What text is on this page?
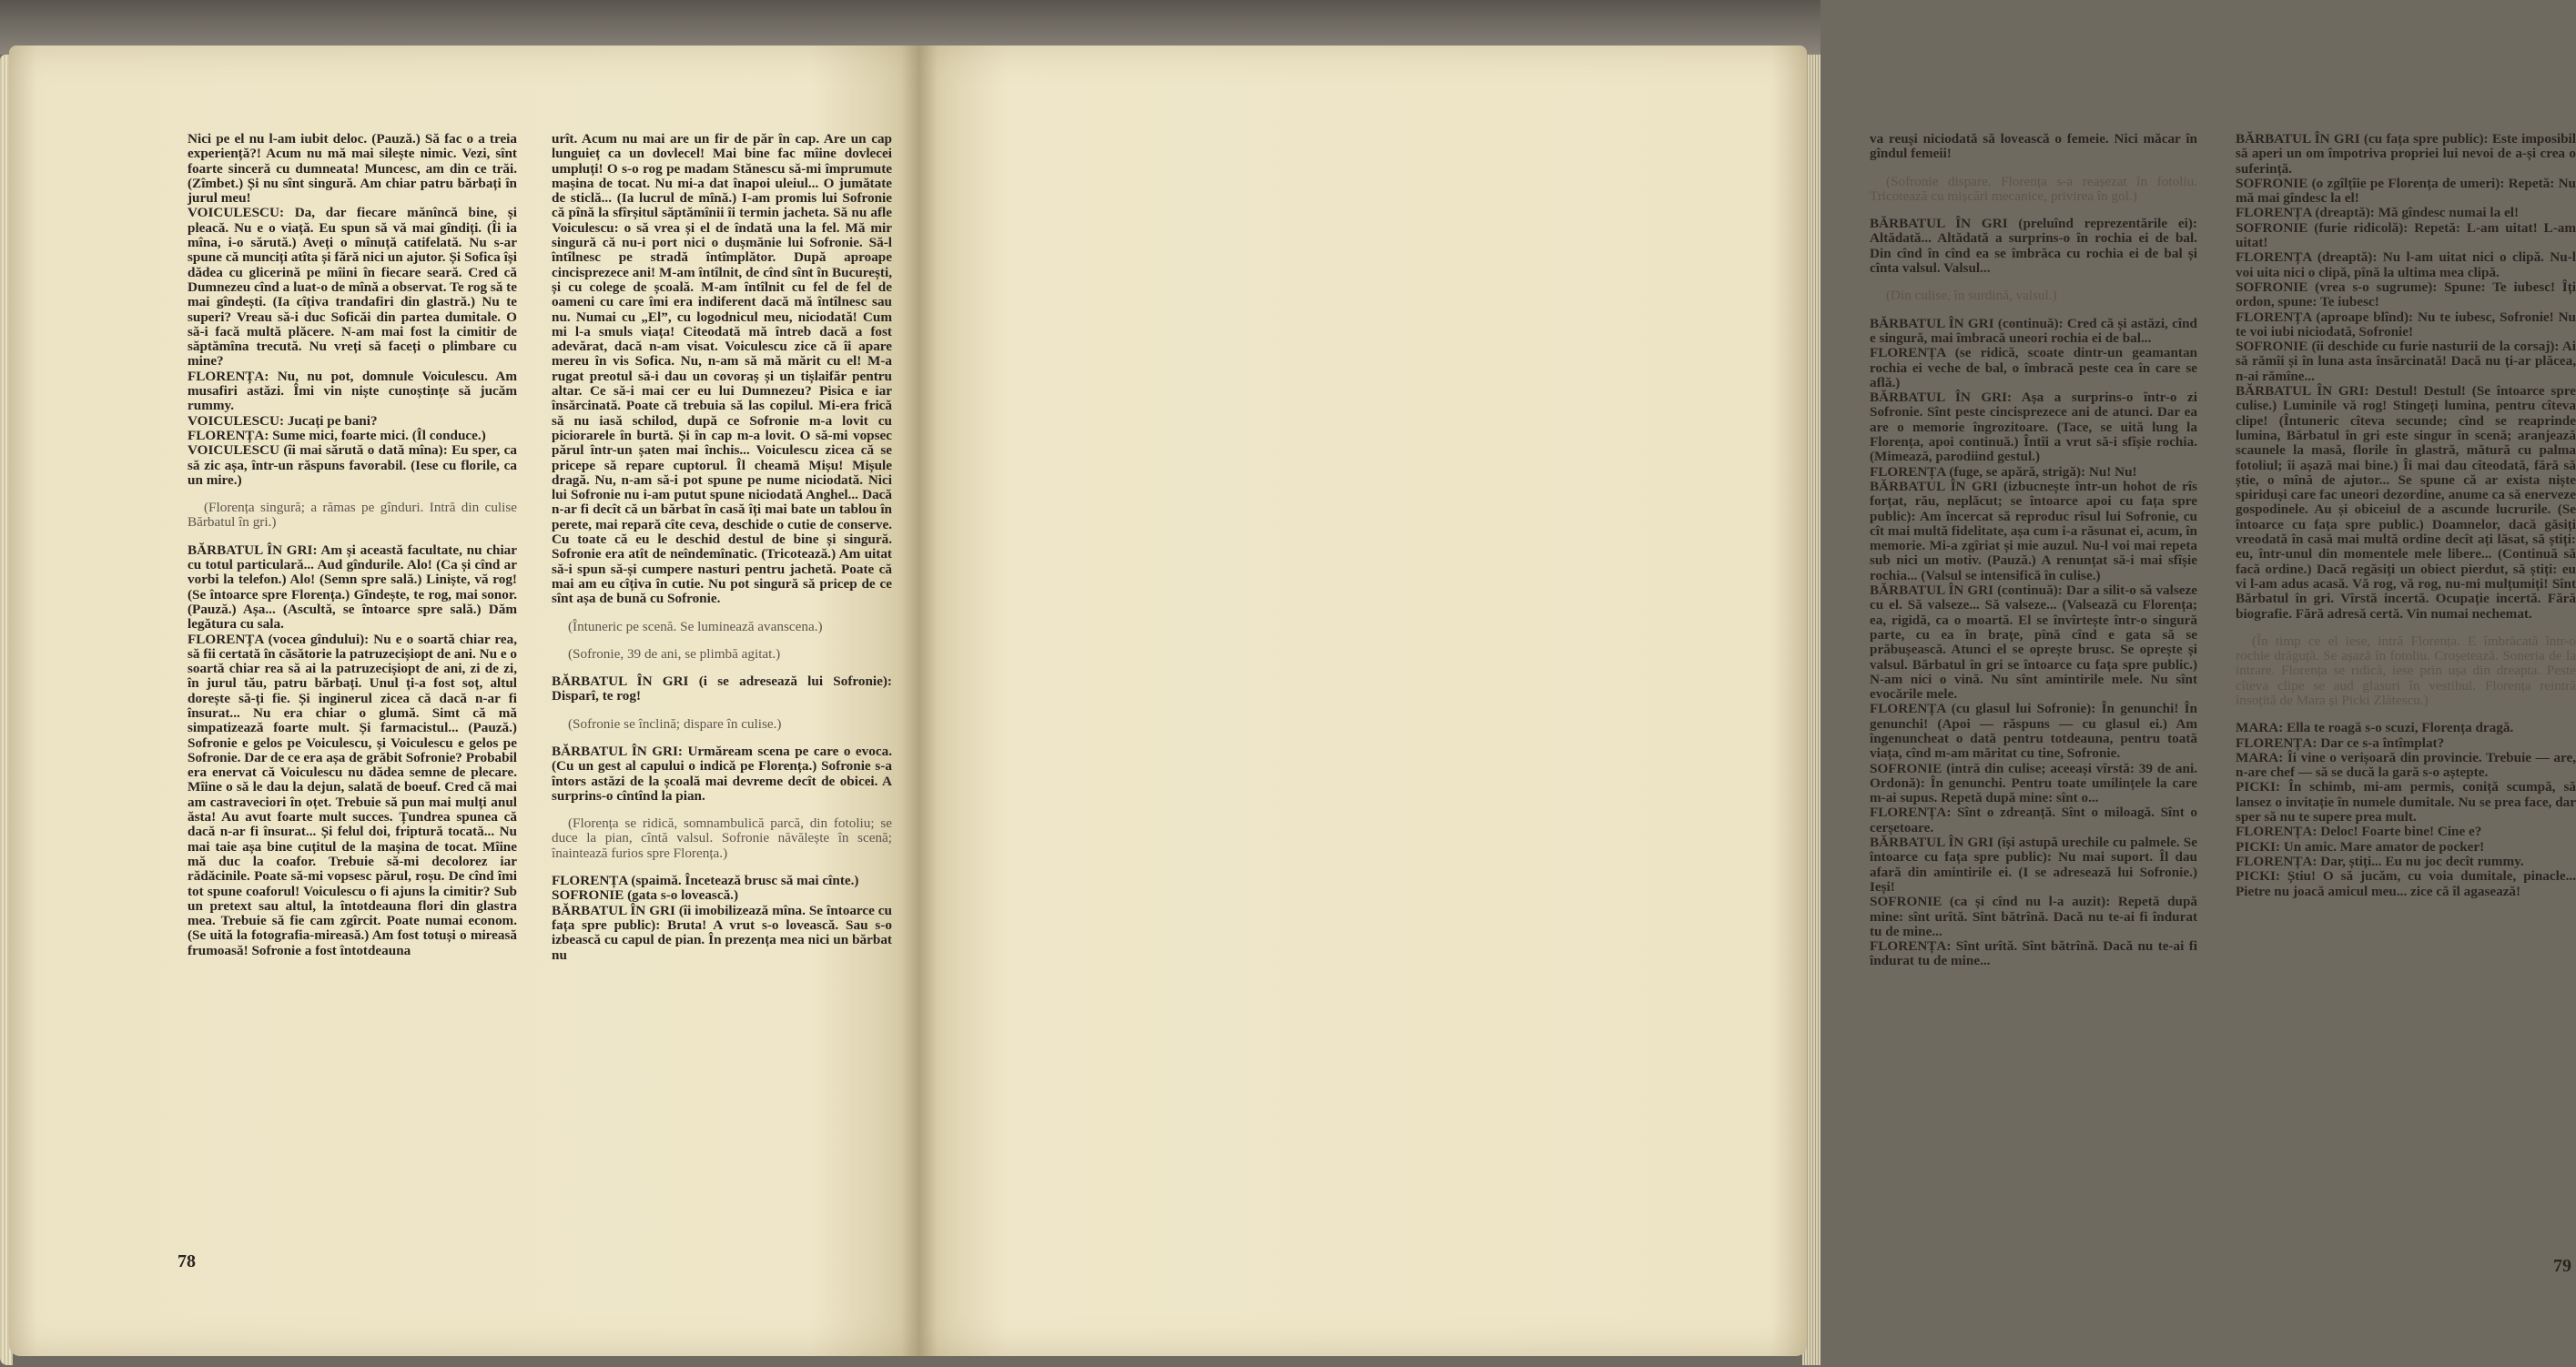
Nici pe el nu l-am iubit deloc. (Pauză.) Să fac o a treia experiență?! Acum nu mă mai silește nimic. Vezi, sînt foarte sinceră cu dumneata! Muncesc, am din ce trăi. (Zîmbet.) Și nu sînt singură. Am chiar patru bărbați în jurul meu!

VOICULESCU: Da, dar fiecare mănîncă bine, și pleacă. Nu e o viață. Eu spun să vă mai gîndiți. (Îi ia mîna, i-o sărută.) Aveți o mînuță catifelată. Nu s-ar spune că munciți atîta și fără nici un ajutor. Și Sofica își dădea cu glicerină pe mîini în fiecare seară. Cred că Dumnezeu cînd a luat-o de mînă a observat. Te rog să te mai gîndești. (Ia cîțiva trandafiri din glastră.) Nu te superi? Vreau să-i duc Soficăi din partea dumitale. O să-i facă multă plăcere. N-am mai fost la cimitir de săptămîna trecută. Nu vreți să faceți o plimbare cu mine?

FLORENȚA: Nu, nu pot, domnule Voiculescu. Am musafiri astăzi. Îmi vin niște cunoștințe să jucăm rummy.

VOICULESCU: Jucați pe bani?

FLORENȚA: Sume mici, foarte mici. (Îl conduce.)

VOICULESCU (îi mai sărută o dată mîna): Eu sper, ca să zic așa, într-un răspuns favorabil. (Iese cu florile, ca un mire.)

(Florența singură; a rămas pe gînduri. Intră din culise Bărbatul în gri.)

BĂRBATUL ÎN GRI: Am și această facultate, nu chiar cu totul particulară... Aud gîndurile. Alo! (Ca și cînd ar vorbi la telefon.) Alo! (Semn spre sală.) Liniște, vă rog! (Se întoarce spre Florența.) Gîndește, te rog, mai sonor. (Pauză.) Așa... (Ascultă, se întoarce spre sală.) Dăm legătura cu sala.

FLORENȚA (vocea gîndului): Nu e o soartă chiar rea, să fii certată în căsătorie la patruzecișiopt de ani. Nu e o soartă chiar rea să ai la patruzecișiopt de ani, zi de zi, în jurul tău, patru bărbați. Unul ți-a fost soț, altul dorește să-ți fie. Și inginerul zicea că dacă n-ar fi însurat... Nu era chiar o glumă. Simt că mă simpatizează foarte mult. Și farmacistul... (Pauză.) Sofronie e gelos pe Voiculescu, și Voiculescu e gelos pe Sofronie. Dar de ce era așa de grăbit Sofronie? Probabil era enervat că Voiculescu nu dădea semne de plecare. Mîine o să le dau la dejun, salată de boeuf. Cred că mai am castraveciori în oțet. Trebuie să pun mai mulți anul ăsta! Au avut foarte mult succes. Țundrea spunea că dacă n-ar fi însurat... Și felul doi, friptură tocată... Nu mai taie așa bine cuțitul de la mașina de tocat. Mîine mă duc la coafor. Trebuie să-mi decolorez iar rădăcinile. Poate să-mi vopsesc părul, roșu. De cînd îmi tot spune coaforul! Voiculescu o fi ajuns la cimitir? Sub un pretext sau altul, la întotdeauna flori din glastra mea. Trebuie să fie cam zgîrcit. Poate numai econom. (Se uită la fotografia-mireasă.) Am fost totuși o mireasă frumoasă! Sofronie a fost întotdeauna

urît. Acum nu mai are un fir de păr în cap. Are un cap lunguieț ca un dovlecel! Mai bine fac mîine dovlecei umpluți! O s-o rog pe madam Stănescu să-mi împrumute mașina de tocat. Nu mi-a dat înapoi uleiul... O jumătate de sticlă... (Ia lucrul de mînă.) I-am promis lui Sofronie că pînă la sfîrșitul săptămînii îi termin jacheta. Să nu afle Voiculescu: o să vrea și el de îndată una la fel. Mă mir singură că nu-i port nici o dușmănie lui Sofronie. Să-l întîlnesc pe stradă întîmplător. După aproape cincisprezece ani! M-am întîlnit, de cînd sînt în București, și cu colege de școală. M-am întîlnit cu fel de fel de oameni cu care îmi era indiferent dacă mă întîlnesc sau nu. Numai cu „El”, cu logodnicul meu, niciodată! Cum mi l-a smuls viața! Citeodată mă întreb dacă a fost adevărat, dacă n-am visat. Voiculescu zice că îi apare mereu în vis Sofica. Nu, n-am să mă mărit cu el! M-a rugat preotul să-i dau un covoraș și un tișlaifăr pentru altar. Ce să-i mai cer eu lui Dumnezeu? Pisica e iar însărcinată. Poate că trebuia să las copilul. Mi-era frică să nu iasă schilod, după ce Sofronie m-a lovit cu piciorarele în burtă. Și în cap m-a lovit. O să-mi vopsec părul într-un șaten mai închis... Voiculescu zicea că se pricepe să repare cuptorul. Îl cheamă Mișu! Mișule dragă. Nu, n-am să-i pot spune pe nume niciodată. Nici lui Sofronie nu i-am putut spune niciodată Anghel... Dacă n-ar fi decît că un bărbat în casă îți mai bate un tablou în perete, mai repară cîte ceva, deschide o cutie de conserve. Cu toate că eu le deschid destul de bine și singură. Sofronie era atît de neîndemînatic. (Tricotează.) Am uitat să-i spun să-și cumpere nasturi pentru jachetă. Poate că mai am eu cîțiva în cutie. Nu pot singură să pricep de ce sînt așa de bună cu Sofronie.

(Întuneric pe scenă. Se luminează avanscena.)

(Sofronie, 39 de ani, se plimbă agitat.)

BĂRBATUL ÎN GRI (i se adresează lui Sofronie): Disparî, te rog!

(Sofronie se înclină; dispare în culise.)

BĂRBATUL ÎN GRI: Urmăream scena pe care o evoca. (Cu un gest al capului o indică pe Florența.) Sofronie s-a întors astăzi de la școală mai devreme decît de obicei. A surprins-o cîntînd la pian.

(Florența se ridică, somnambulică parcă, din fotoliu; se duce la pian, cîntă valsul. Sofronie năvălește în scenă; înaintează furios spre Florența.)

FLORENȚA (spaimă. Încetează brusc să mai cînte.)

SOFRONIE (gata s-o lovească.)

BĂRBATUL ÎN GRI (îi imobilizează mîna. Se întoarce cu fața spre public): Bruta! A vrut s-o lovească. Sau s-o izbească cu capul de pian. În prezența mea nici un bărbat nu

78

va reuși niciodată să lovească o femeie. Nici măcar în gîndul femeii!

(Sofronie dispare. Florența s-a reașezat în fotoliu. Tricotează cu mișcări mecanice, privirea în gol.)

BĂRBATUL ÎN GRI (preluînd reprezentările ei): Altădată... Altădată a surprins-o în rochia ei de bal. Din cînd în cînd ea se îmbrăca cu rochia ei de bal și cînta valsul. Valsul...

(Din culise, în surdină, valsul.)

BĂRBATUL ÎN GRI (continuă): Cred că și astăzi, cînd e singură, mai îmbracă uneori rochia ei de bal...

FLORENȚA (se ridică, scoate dintr-un geamantan rochia ei veche de bal, o îmbracă peste cea în care se află.)

BĂRBATUL ÎN GRI: Așa a surprins-o într-o zi Sofronie. Sînt peste cincisprezece ani de atunci. Dar ea are o memorie îngrozitoare. (Tace, se uită lung la Florența, apoi continuă.) Întîi a vrut să-i sfîșie rochia. (Mimează, parodiind gestul.)

FLORENȚA (fuge, se apără, strigă): Nu! Nu!

BĂRBATUL ÎN GRI (izbucnește într-un hohot de rîs forțat, rău, neplăcut; se întoarce apoi cu fața spre public): Am încercat să reproduc rîsul lui Sofronie, cu cît mai multă fidelitate, așa cum i-a răsunat ei, acum, în memorie. Mi-a zgîriat și mie auzul. Nu-l voi mai repeta sub nici un motiv. (Pauză.) A renunțat să-i mai sfîșie rochia... (Valsul se intensifică în culise.)

BĂRBATUL ÎN GRI (continuă): Dar a silit-o să valseze cu el. Să valseze... Să valseze... (Valsează cu Florența; ea, rigidă, ca o moartă. El se învîrtește într-o singură parte, cu ea în brațe, pînă cînd e gata să se prăbușească. Atunci el se oprește brusc. Se oprește și valsul. Bărbatul în gri se întoarce cu fața spre public.) N-am nici o vină. Nu sînt amintirile mele. Nu sînt evocările mele.

FLORENȚA (cu glasul lui Sofronie): În genunchi! În genunchi! (Apoi — răspuns — cu glasul ei.) Am îngenuncheat o dată pentru totdeauna, pentru toată viața, cînd m-am măritat cu tine, Sofronie.

SOFRONIE (intră din culise; aceeași vîrstă: 39 de ani. Ordonă): În genunchi. Pentru toate umilințele la care m-ai supus. Repetă după mine: sînt o...

FLORENȚA: Sînt o zdreanță. Sînt o miloagă. Sînt o cerșetoare.

BĂRBATUL ÎN GRI (își astupă urechile cu palmele. Se întoarce cu fața spre public): Nu mai suport. Îl dau afară din amintirile ei. (I se adresează lui Sofronie.) Ieși!

SOFRONIE (ca și cînd nu l-a auzit): Repetă după mine: sînt urîtă. Sînt bătrînă. Dacă nu te-ai fi îndurat tu de mine...

FLORENȚA: Sînt urîtă. Sînt bătrînă. Dacă nu te-ai fi îndurat tu de mine...

BĂRBATUL ÎN GRI (cu fața spre public): Este imposibil să aperi un om împotriva propriei lui nevoi de a-și crea o suferință.

SOFRONIE (o zgîlțîie pe Florența de umeri): Repetă: Nu mă mai gîndesc la el!

FLORENȚA (dreaptă): Mă gîndesc numai la el!

SOFRONIE (furie ridicolă): Repetă: L-am uitat! L-am uitat!

FLORENȚA (dreaptă): Nu l-am uitat nici o clipă. Nu-l voi uita nici o clipă, pînă la ultima mea clipă.

SOFRONIE (vrea s-o sugrume): Spune: Te iubesc! Îți ordon, spune: Te iubesc!

FLORENȚA (aproape blînd): Nu te iubesc, Sofronie! Nu te voi iubi niciodată, Sofronie!

SOFRONIE (îi deschide cu furie nasturii de la corsaj): Ai să rămîi și în luna asta însărcinată! Dacă nu ți-ar plăcea, n-ai rămîne...

BĂRBATUL ÎN GRI: Destul! Destul! (Se întoarce spre culise.) Luminile vă rog! Stingeți lumina, pentru cîteva clipe! (Întuneric cîteva secunde; cînd se reaprinde lumina, Bărbatul în gri este singur în scenă; aranjează scaunele la masă, florile în glastră, mătură cu palma fotoliul; îi așază mai bine.) Îi mai dau cîteodată, fără să știe, o mînă de ajutor... Se spune că ar exista niște spiriduși care fac uneori dezordine, anume ca să enerveze gospodinele. Au și obiceiul de a ascunde lucrurile. (Se întoarce cu fața spre public.) Doamnelor, dacă găsiți vreodată în casă mai multă ordine decît ați lăsat, să știți: eu, într-unul din momentele mele libere... (Continuă să facă ordine.) Dacă regăsiți un obiect pierdut, să știți: eu vi l-am adus acasă. Vă rog, vă rog, nu-mi mulțumiți! Sînt Bărbatul în gri. Vîrstă incertă. Ocupație incertă. Fără biografie. Fără adresă certă. Vin numai nechemat.

(În timp ce el iese, intră Florența. E îmbrăcată într-o rochie drăguță. Se așază în fotoliu. Croșetează. Soneria de la intrare. Florența se ridică, iese prin ușa din dreapta. Peste cîteva clipe se aud glasuri în vestibul. Florența reintră însoțită de Mara și Picki Zlătescu.)

MARA: Ella te roagă s-o scuzi, Florența dragă.

FLORENȚA: Dar ce s-a întîmplat?

MARA: Îi vine o verișoară din provincie. Trebuie — are, n-are chef — să se ducă la gară s-o aștepte.

PICKI: În schimb, mi-am permis, coniță scumpă, să lansez o invitație în numele dumitale. Nu se prea face, dar sper să nu te supere prea mult.

FLORENȚA: Deloc! Foarte bine! Cine e?

PICKI: Un amic. Mare amator de pocker!

FLORENȚA: Dar, știți... Eu nu joc decît rummy.

PICKI: Știu! O să jucăm, cu voia dumitale, pinacle... Pietre nu joacă amicul meu... zice că îl agasează!

79
